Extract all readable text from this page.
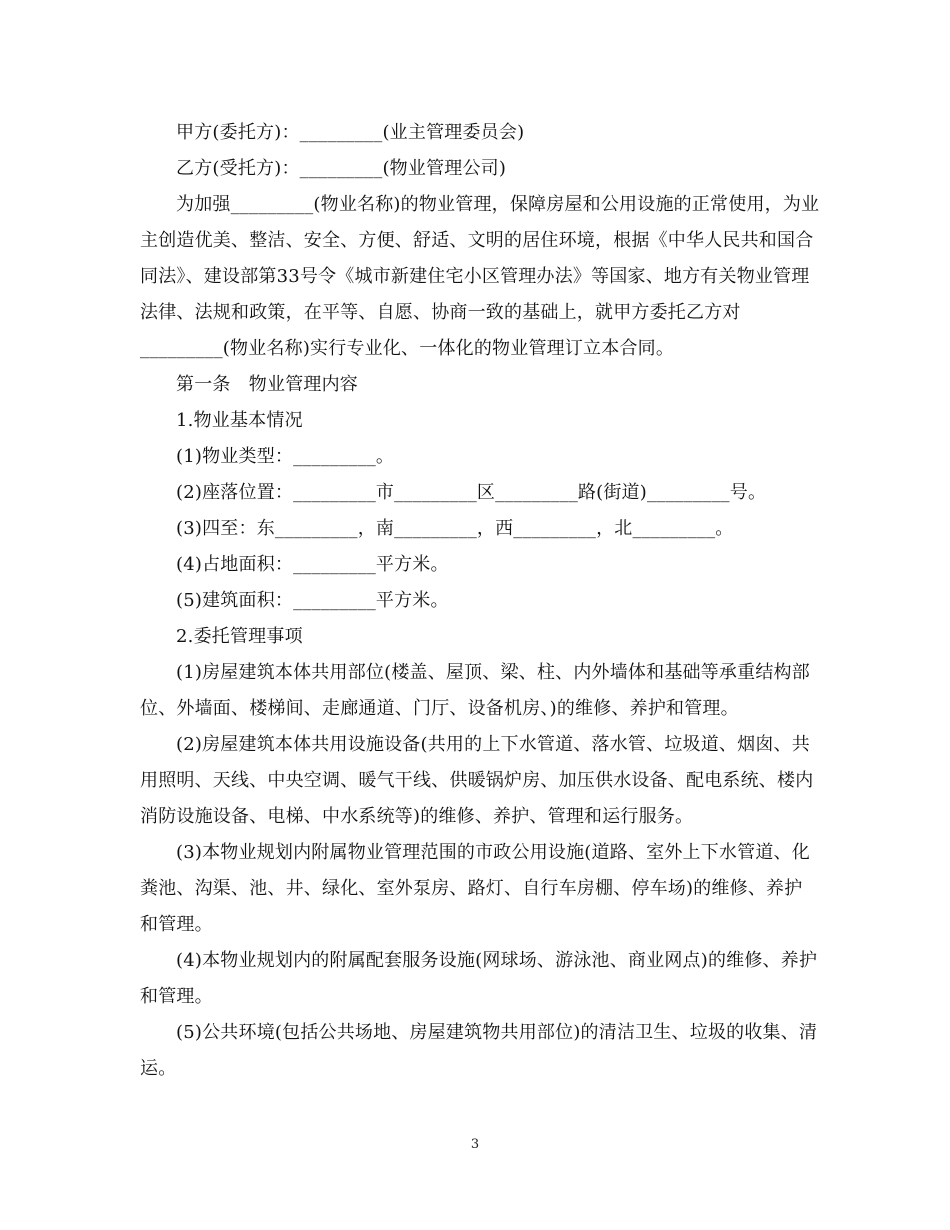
甲方(委托方)：_________(业主管理委员会)

乙方(受托方)：_________(物业管理公司)

为加强_________(物业名称)的物业管理，保障房屋和公用设施的正常使用，为业主创造优美、整洁、安全、方便、舒适、文明的居住环境，根据《中华人民共和国合同法》、建设部第33号令《城市新建住宅小区管理办法》等国家、地方有关物业管理法律、法规和政策，在平等、自愿、协商一致的基础上，就甲方委托乙方对_________(物业名称)实行专业化、一体化的物业管理订立本合同。

第一条　物业管理内容

1.物业基本情况

(1)物业类型：_________。

(2)座落位置：_________市_________区_________路(街道)_________号。

(3)四至：东_________，南_________，西_________，北_________。

(4)占地面积：_________平方米。

(5)建筑面积：_________平方米。

2.委托管理事项

(1)房屋建筑本体共用部位(楼盖、屋顶、梁、柱、内外墙体和基础等承重结构部位、外墙面、楼梯间、走廊通道、门厅、设备机房、)的维修、养护和管理。

(2)房屋建筑本体共用设施设备(共用的上下水管道、落水管、垃圾道、烟囱、共用照明、天线、中央空调、暖气干线、供暖锅炉房、加压供水设备、配电系统、楼内消防设施设备、电梯、中水系统等)的维修、养护、管理和运行服务。

(3)本物业规划内附属物业管理范围的市政公用设施(道路、室外上下水管道、化粪池、沟渠、池、井、绿化、室外泵房、路灯、自行车房棚、停车场)的维修、养护和管理。

(4)本物业规划内的附属配套服务设施(网球场、游泳池、商业网点)的维修、养护和管理。

(5)公共环境(包括公共场地、房屋建筑物共用部位)的清洁卫生、垃圾的收集、清运。

3
